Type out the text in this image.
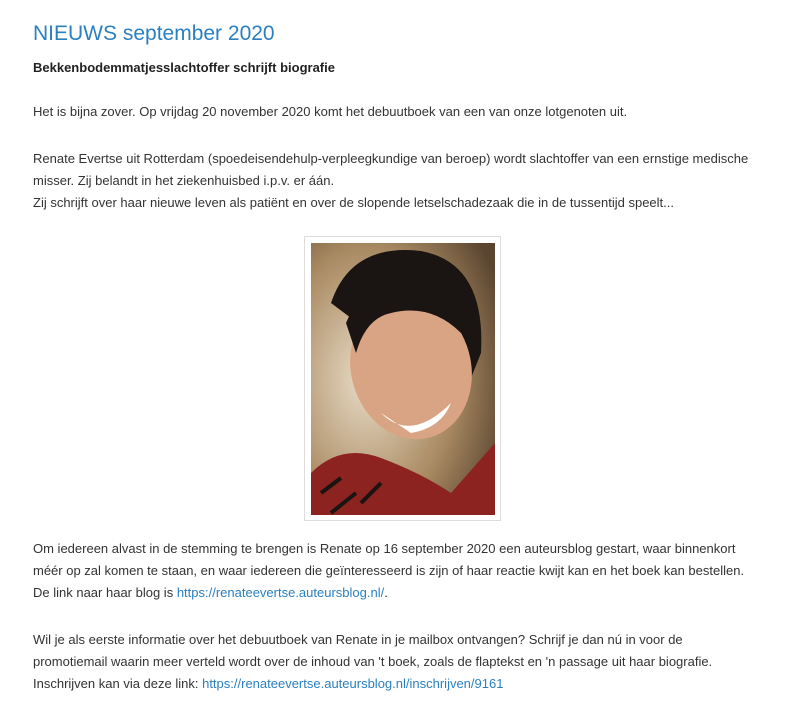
NIEUWS september 2020
Bekkenbodemmatjesslachtoffer schrijft biografie

Het is bijna zover. Op vrijdag 20 november 2020 komt het debuutboek van een van onze lotgenoten uit.

Renate Evertse uit Rotterdam (spoedeisendehulp-verpleegkundige van beroep) wordt slachtoffer van een ernstige medische
misser. Zij belandt in het ziekenhuisbed i.p.v. er áán.
Zij schrijft over haar nieuwe leven als patiënt en over de slopende letselschadezaak die in de tussentijd speelt...

Om iedereen alvast in de stemming te brengen is Renate op 16 september 2020 een auteursblog gestart, waar binnenkort
méér op zal komen te staan, en waar iedereen die geïnteresseerd is zijn of haar reactie kwijt kan en het boek kan bestellen.
De link naar haar blog is https://renateevertse.auteursblog.nl/.

Wil je als eerste informatie over het debuutboek van Renate in je mailbox ontvangen? Schrijf je dan nú in voor de
promotiemail waarin meer verteld wordt over de inhoud van 't boek, zoals de flaptekst en 'n passage uit haar biografie.
Inschrijven kan via deze link: https://renateevertse.auteursblog.nl/inschrijven/9161
